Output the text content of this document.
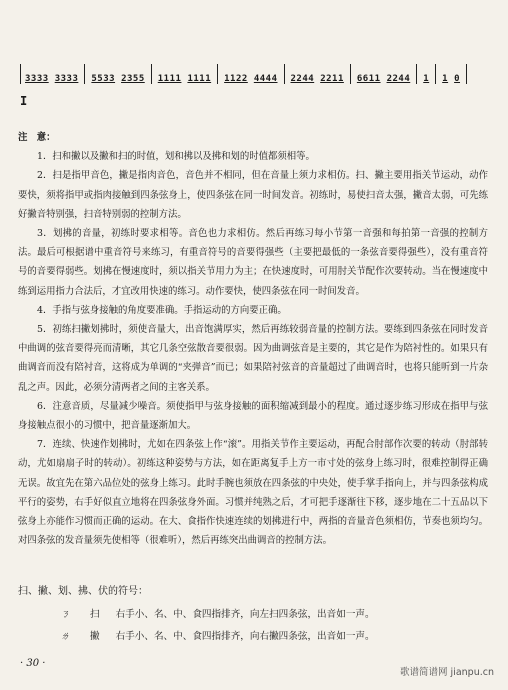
3333 3333 5533 2355 1111 1111 1122 4444 2244 2211 6611 2244 1 1 0
I

注　意：

1．扫和撇以及撇和扫的时值，划和拂以及拂和划的时值都须相等。

2．扫是指甲音色，撇是指肉音色，音色并不相同，但在音量上须力求相仿。扫、撇主要用指关节运动，动作要快，须将指甲或指肉接触到四条弦身上，使四条弦在同一时间发音。初练时，易使扫音太强，撇音太弱，可先练好撇音特别强，扫音特别弱的控制方法。

3．划拂的音量，初练时要求相等。音色也力求相仿。然后再练习每小节第一音强和每拍第一音强的控制方法。最后可根据谱中重音符号来练习，有重音符号的音要得强些（主要把最低的一条弦音要得强些），没有重音符号的音要得弱些。划拂在慢速度时，须以指关节用力为主；在快速度时，可用肘关节配作次要转动。当在慢速度中练到运用指力合法后，才宜改用快速的练习。动作要快，使四条弦在同一时间发音。

4．手指与弦身接触的角度要准确。手指运动的方向要正确。

5．初练扫撇划拂时，须使音量大，出音饱满厚实，然后再练较弱音量的控制方法。要练到四条弦在同时发音中曲调的弦音要得亮而清晰，其它几条空弦散音要很弱。因为曲调弦音是主要的，其它是作为陪衬性的。如果只有曲调音而没有陪衬音，这将成为单调的“夹弹音”而已；如果陪衬弦音的音量超过了曲调音时，也将只能听到一片杂乱之声。因此，必须分清两者之间的主客关系。

6．注意音质，尽量减少噪音。须使指甲与弦身接触的面积缩减到最小的程度。通过逐步练习形成在指甲与弦身接触点很小的习惯中，把音量逐渐加大。

7．连续、快速作划拂时，尤如在四条弦上作“滚”。用指关节作主要运动，再配合肘部作次要的转动（肘部转动，尤如扇扇子时的转动）。初练这种姿势与方法，如在距离复手上方一市寸处的弦身上练习时，很难控制得正确无误。故宜先在第六品位处的弦身上练习。此时手腕也须放在四条弦的中央处，使手掌手指向上，并与四条弦构成平行的姿势，右手好似直立地将在四条弦身外面。习惯并纯熟之后，才可把手逐渐往下移，逐步地在二十五品以下弦身上亦能作习惯而正确的运动。在大、食指作快速连续的划拂进行中，两指的音量音色须相仿，节奏也须均匀。对四条弦的发音量须先使相等（很难听），然后再练突出曲调音的控制方法。

扫、撇、划、拂、伏的符号：
ㄋ	扫 右手小、名、中、食四指排齐，向左扫四条弦，出音如一声。
ㄌ	撇 右手小、名、中、食四指排齐，向右撇四条弦，出音如一声。
· 30 ·
歌谱简谱网 jianpu.cn
